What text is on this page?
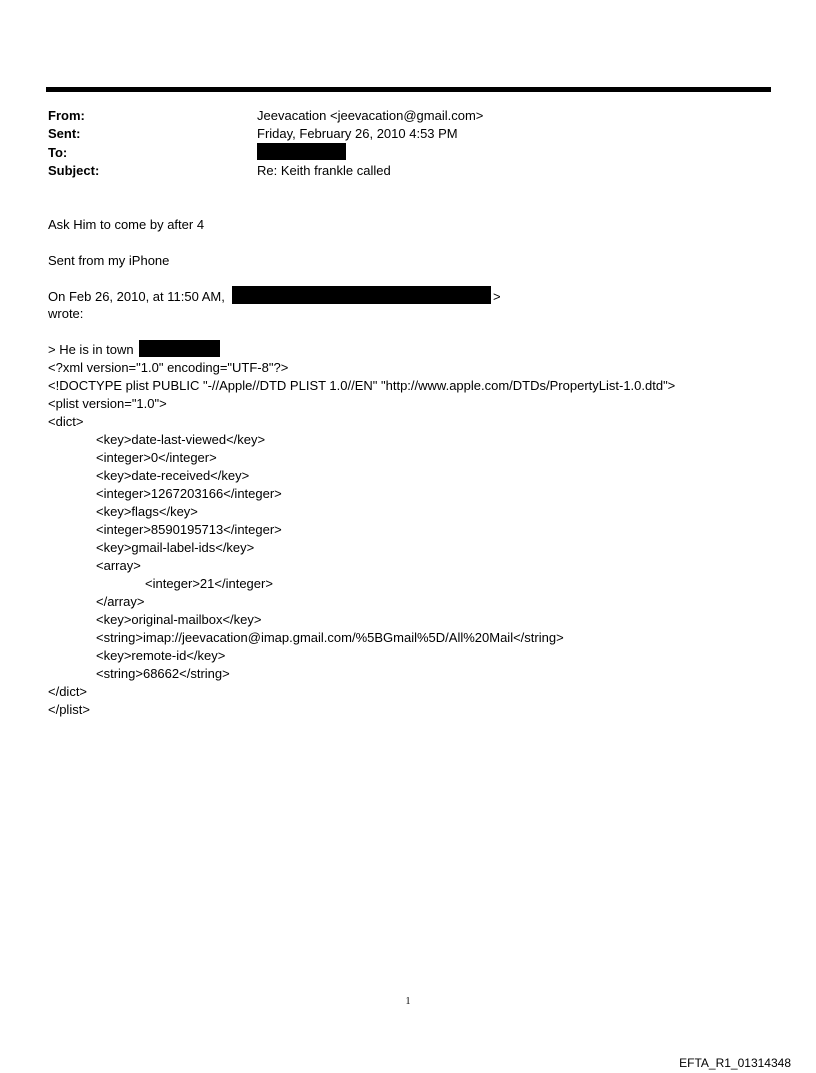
From:	Jeevacation <jeevacation@gmail.com>
Sent:	Friday, February 26, 2010 4:53 PM
To:
Subject:	Re: Keith frankle called
Ask Him to come by after 4
Sent from my iPhone
On Feb 26, 2010, at 11:50 AM,	>
wrote:
> He is in town
<?xml version="1.0" encoding="UTF-8"?>
<!DOCTYPE plist PUBLIC "-//Apple//DTD PLIST 1.0//EN" "http://www.apple.com/DTDs/PropertyList-1.0.dtd">
<plist version="1.0">
<dict>
<key>date-last-viewed</key>
<integer>0</integer>
<key>date-received</key>
<integer>1267203166</integer>
<key>flags</key>
<integer>8590195713</integer>
<key>gmail-label-ids</key>
<array>
<integer>21</integer>
</array>
<key>original-mailbox</key>
<string>imap://jeevacation@imap.gmail.com/%5BGmail%5D/All%20Mail</string>
<key>remote-id</key>
<string>68662</string>
</dict>
</plist>
1
EFTA_R1_01314348
